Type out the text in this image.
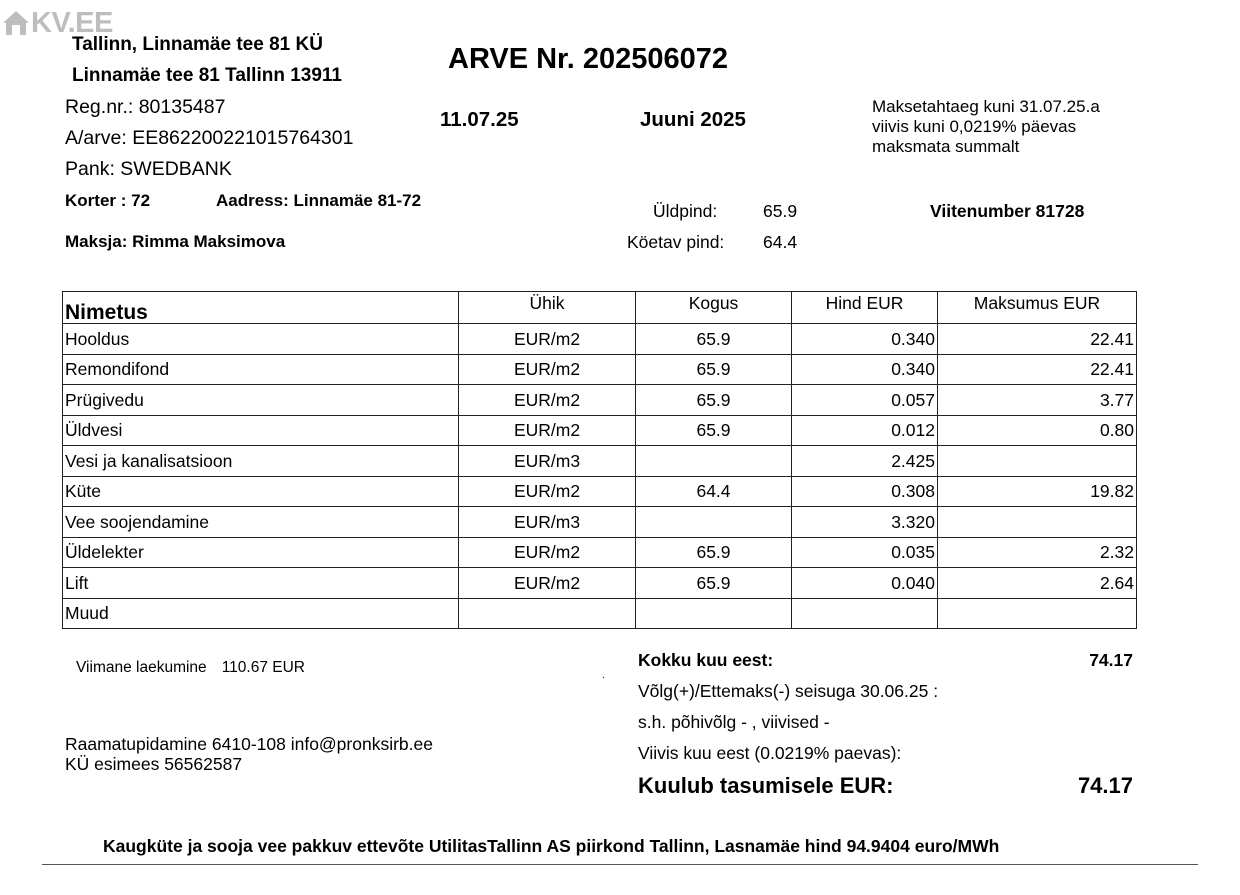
KV.EE
Tallinn, Linnamäe tee 81 KÜ
Linnamäe tee 81 Tallinn 13911
Reg.nr.: 80135487
A/arve: EE862200221015764301
Pank: SWEDBANK
ARVE Nr. 202506072
11.07.25	Juuni 2025
Maksetahtaeg kuni 31.07.25.a
viivis kuni 0,0219% päevas
maksmata summalt
Korter : 72	Aadress: Linnamäe 81-72
Maksja: Rimma Maksimova
Üldpind:	65.9
Köetav pind: 64.4
Viitenumber 81728
Nimetus	Ühik	Kogus	Hind EUR	Maksumus EUR
Hooldus	EUR/m2	65.9	0.340	22.41
Remondifond	EUR/m2	65.9	0.340	22.41
Prügivedu	EUR/m2	65.9	0.057	3.77
Üldvesi	EUR/m2	65.9	0.012	0.80
Vesi ja kanalisatsioon	EUR/m3		2.425	
Küte	EUR/m2	64.4	0.308	19.82
Vee soojendamine	EUR/m3		3.320	
Üldelekter	EUR/m2	65.9	0.035	2.32
Lift	EUR/m2	65.9	0.040	2.64
Muud				
Viimane laekumine 110.67 EUR	.
Raamatupidamine 6410-108 info@pronksirb.ee
KÜ esimees 56562587
Kokku kuu eest:	74.17
Võlg(+)/Ettemaks(-) seisuga 30.06.25 :
s.h. põhivõlg - , viivised -
Viivis kuu eest (0.0219% paevas):
Kuulub tasumisele EUR:	74.17
Kaugküte ja sooja vee pakkuv ettevõte UtilitasTallinn AS piirkond Tallinn, Lasnamäe hind 94.9404 euro/MWh
